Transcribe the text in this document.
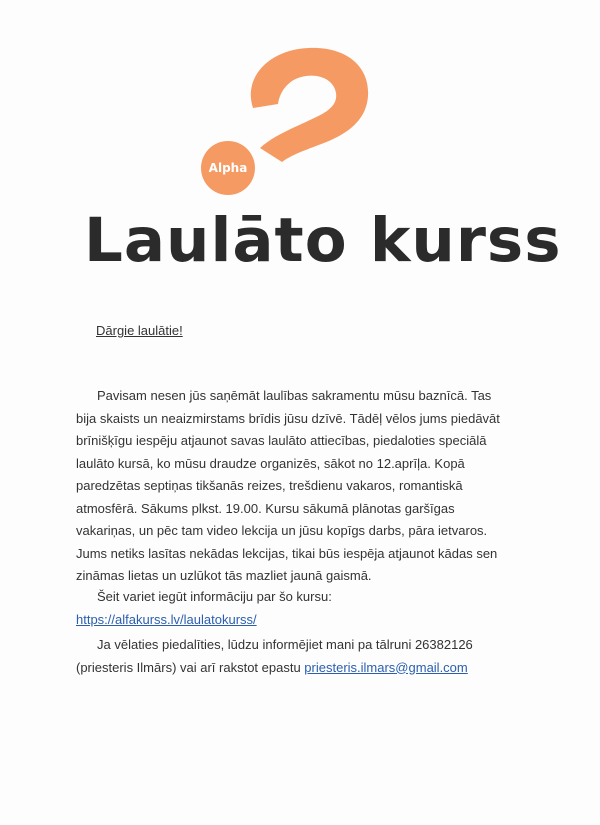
Alpha
Laulāto kurss
Dārgie laulātie!
Pavisam nesen jūs saņēmāt laulības sakramentu mūsu baznīcā. Tas
bija skaists un neaizmirstams brīdis jūsu dzīvē. Tādēļ vēlos jums piedāvāt
brīnišķīgu iespēju atjaunot savas laulāto attiecības, piedaloties speciālā
laulāto kursā, ko mūsu draudze organizēs, sākot no 12.aprīļa. Kopā
paredzētas septiņas tikšanās reizes, trešdienu vakaros, romantiskā
atmosfērā. Sākums plkst. 19.00. Kursu sākumā plānotas garšīgas
vakariņas, un pēc tam video lekcija un jūsu kopīgs darbs, pāra ietvaros.
Jums netiks lasītas nekādas lekcijas, tikai būs iespēja atjaunot kādas sen
zināmas lietas un uzlūkot tās mazliet jaunā gaismā.
Šeit variet iegūt informāciju par šo kursu:
https://alfakurss.lv/laulatokurss/
Ja vēlaties piedalīties, lūdzu informējiet mani pa tālruni 26382126
(priesteris Ilmārs) vai arī rakstot epastu priesteris.ilmars@gmail.com
